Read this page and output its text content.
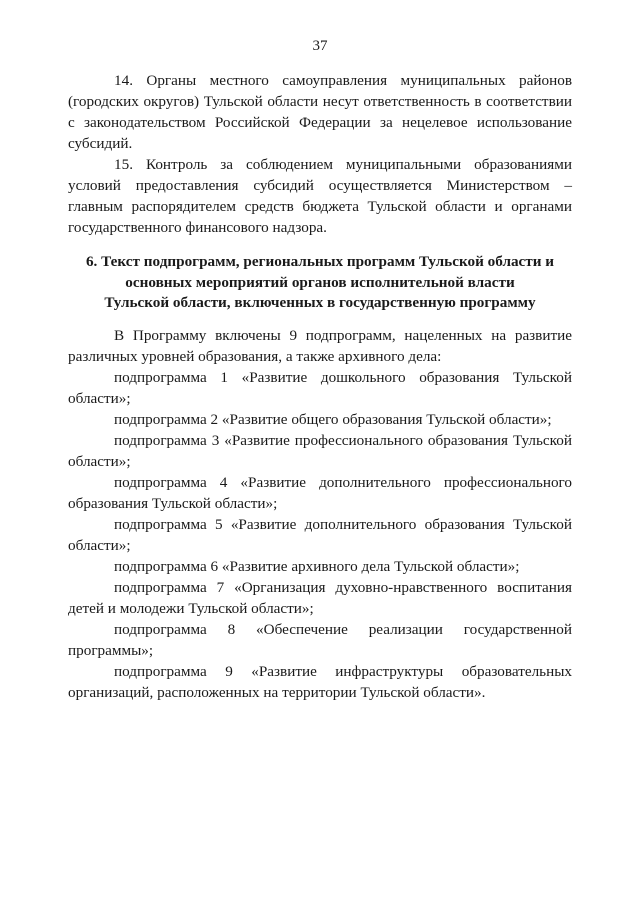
37

14. Органы местного самоуправления муниципальных районов (городских округов) Тульской области несут ответственность в соответствии с законодательством Российской Федерации за нецелевое использование субсидий.

15. Контроль за соблюдением муниципальными образованиями условий предоставления субсидий осуществляется Министерством – главным распорядителем средств бюджета Тульской области и органами государственного финансового надзора.

6. Текст подпрограмм, региональных программ Тульской области и
основных мероприятий органов исполнительной власти
Тульской области, включенных в государственную программу

В Программу включены 9 подпрограмм, нацеленных на развитие различных уровней образования, а также архивного дела:

подпрограмма 1 «Развитие дошкольного образования Тульской области»;

подпрограмма 2 «Развитие общего образования Тульской области»;

подпрограмма 3 «Развитие профессионального образования Тульской области»;

подпрограмма 4 «Развитие дополнительного профессионального образования Тульской области»;

подпрограмма 5 «Развитие дополнительного образования Тульской области»;

подпрограмма 6 «Развитие архивного дела Тульской области»;

подпрограмма 7 «Организация духовно-нравственного воспитания детей и молодежи Тульской области»;

подпрограмма 8 «Обеспечение реализации государственной программы»;

подпрограмма 9 «Развитие инфраструктуры образовательных организаций, расположенных на территории Тульской области».
